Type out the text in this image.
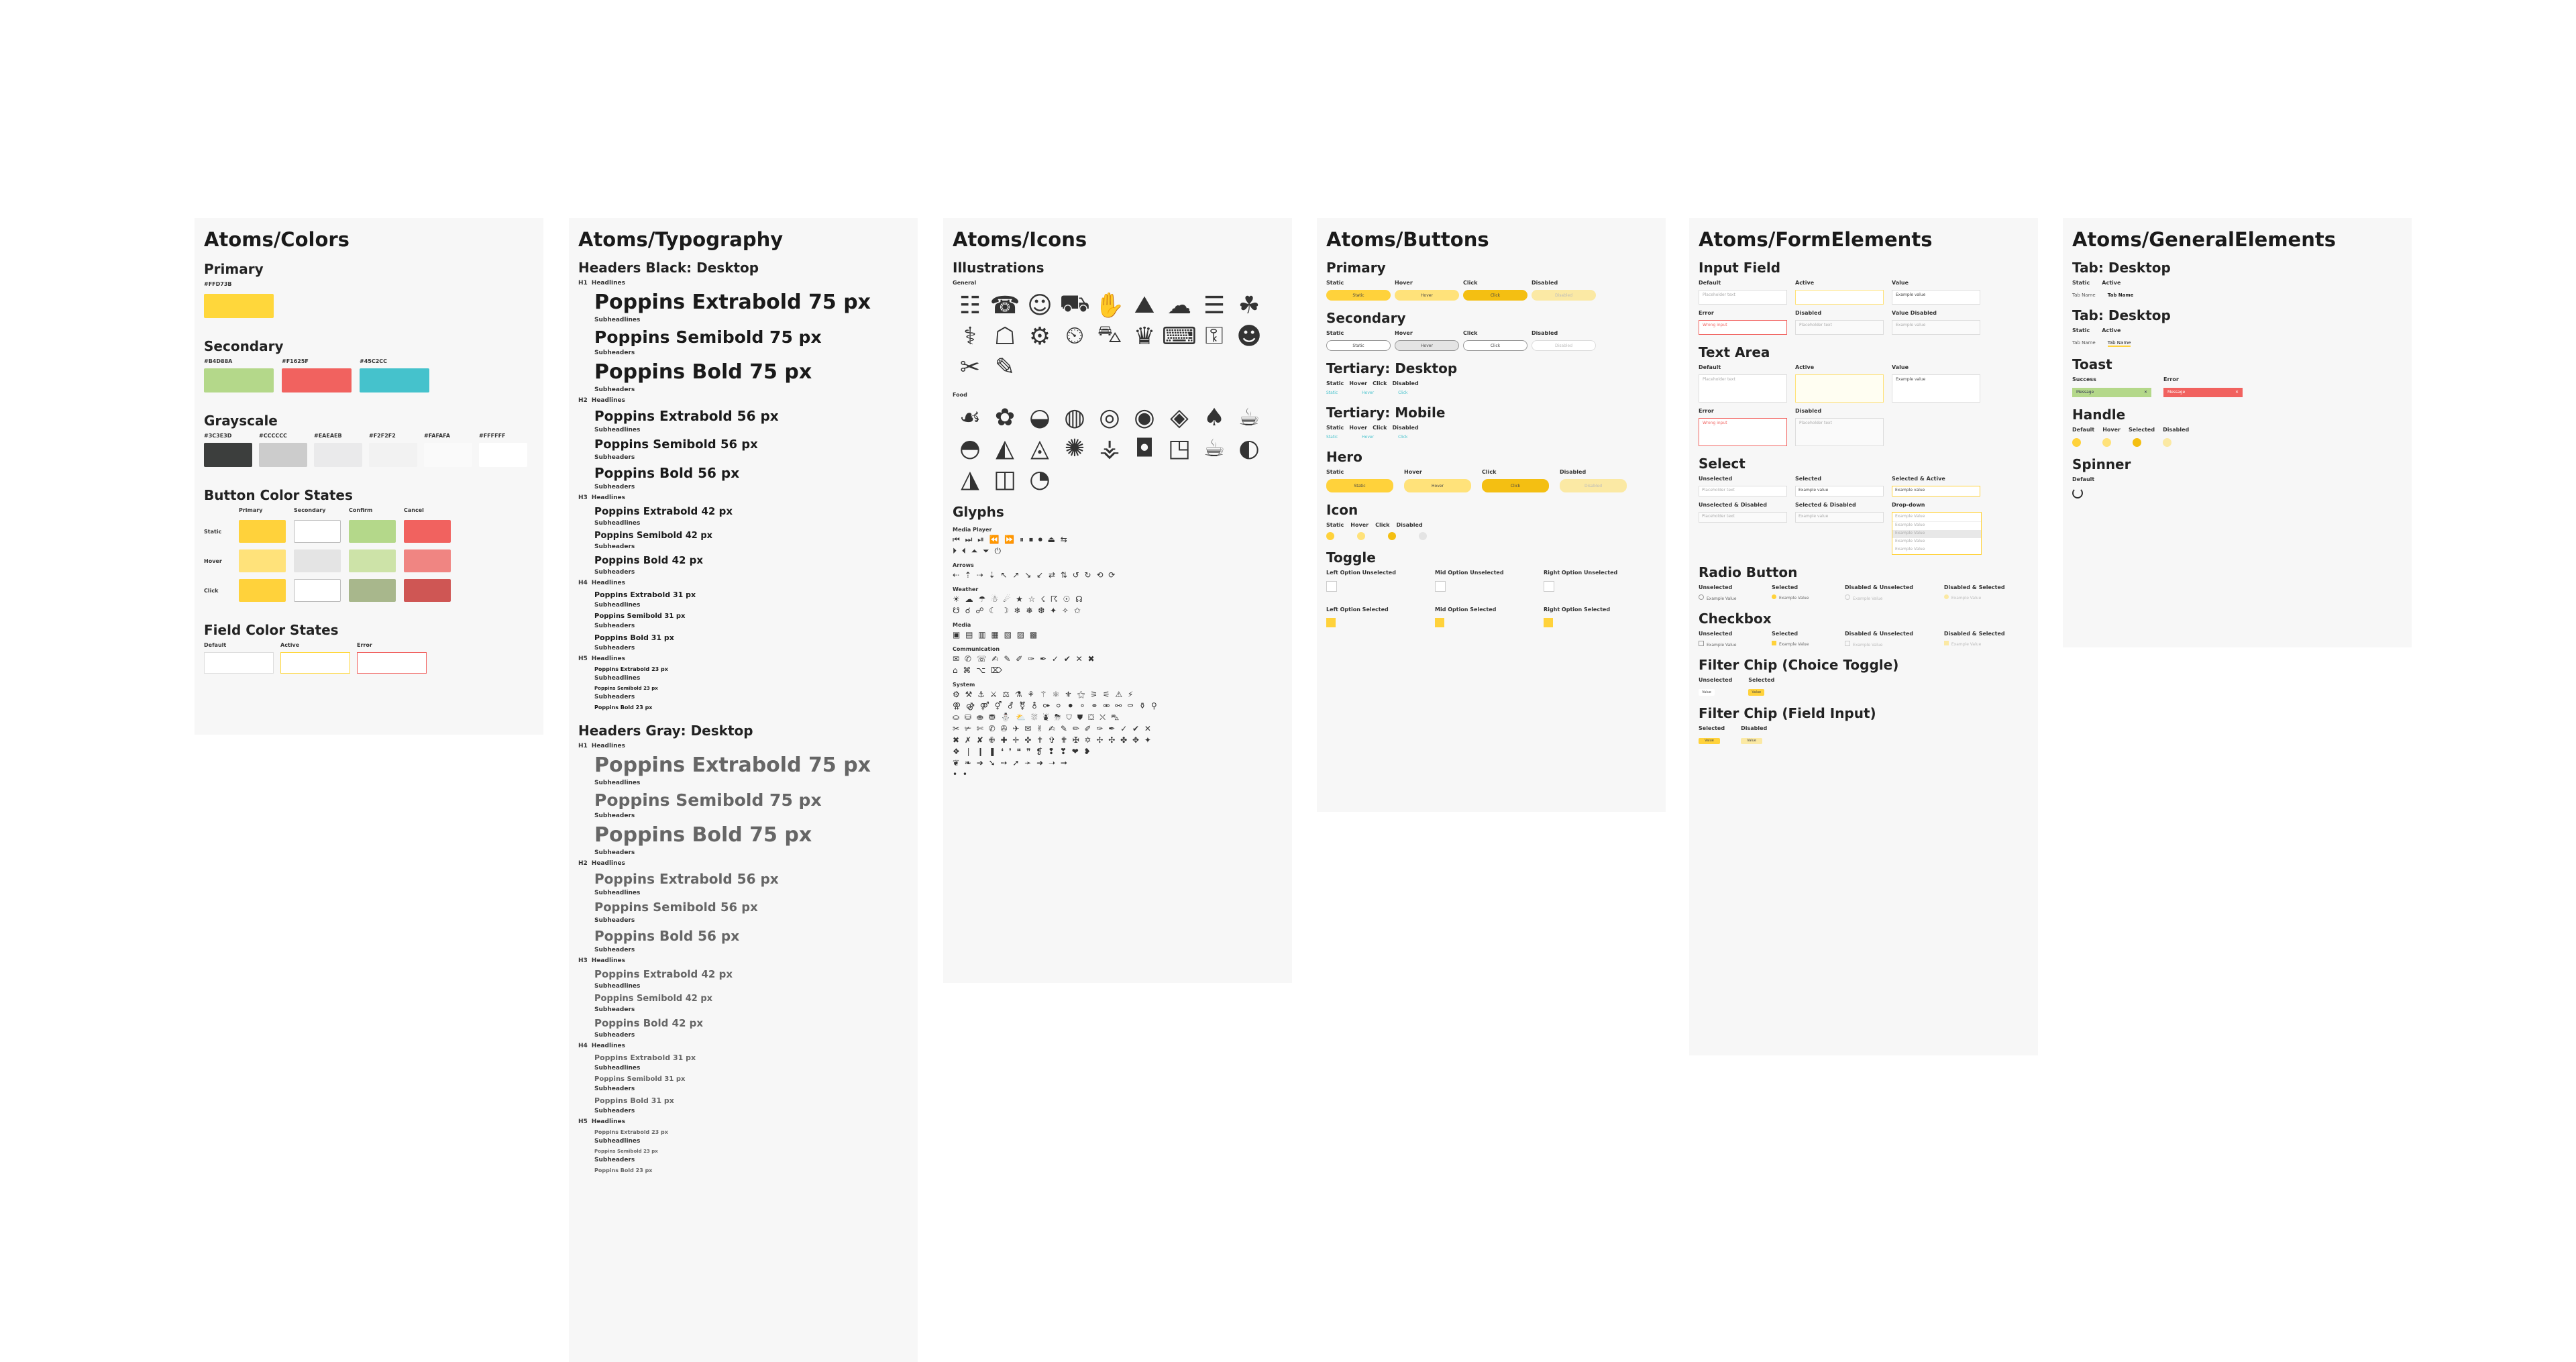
Atoms/Colors
Primary
#FFD73B
Secondary
#B4D88A	#F1625F	#45C2CC
Grayscale
#3C3E3D	#CCCCCC	#EAEAEB	#F2F2F2	#FAFAFA	#FFFFFF
Button Color States
Primary	Secondary	Confirm	Cancel
Static
Hover
Click
Field Color States
Default	Active	Error
Atoms/Typography
Headers Black: Desktop
H1 Headlines
Poppins Extrabold 75 px
Subheadlines
Poppins Semibold 75 px
Subheaders
Poppins Bold 75 px
Subheaders
H2 Headlines
Poppins Extrabold 56 px
Subheadlines
Poppins Semibold 56 px
Subheaders
Poppins Bold 56 px
Subheaders
H3 Headlines
Poppins Extrabold 42 px
Subheadlines
Poppins Semibold 42 px
Subheaders
Poppins Bold 42 px
Subheaders
H4 Headlines
Poppins Extrabold 31 px
Subheadlines
Poppins Semibold 31 px
Subheaders
Poppins Bold 31 px
Subheaders
H5 Headlines
Poppins Extrabold 23 px
Subheadlines
Poppins Semibold 23 px
Subheaders
Poppins Bold 23 px
Headers Gray: Desktop
H1 Headlines
Poppins Extrabold 75 px
Subheadlines
Poppins Semibold 75 px
Subheaders
Poppins Bold 75 px
Subheaders
H2 Headlines
Poppins Extrabold 56 px
Subheadlines
Poppins Semibold 56 px
Subheaders
Poppins Bold 56 px
Subheaders
H3 Headlines
Poppins Extrabold 42 px
Subheadlines
Poppins Semibold 42 px
Subheaders
Poppins Bold 42 px
Subheaders
H4 Headlines
Poppins Extrabold 31 px
Subheadlines
Poppins Semibold 31 px
Subheaders
Poppins Bold 31 px
Subheaders
H5 Headlines
Poppins Extrabold 23 px
Subheadlines
Poppins Semibold 23 px
Subheaders
Poppins Bold 23 px
Atoms/Icons
Illustrations
General
☷ ☎ ☺ ⛟ ✋ ⛰ ☁ ☰ ☘
⚕ ☖ ⚙ ⏲ ⛍ ♛ ⌨ ⚿ ☻
✂ ✎
Food
☙ ✿ ◒ ◍ ◎ ◉ ◈ ♠ ☕
◓ ◭ ◬ ✺ ⚶ ◘ ◳ ☕ ◐
◮ ◫ ◔
Glyphs
Media Player
⏮ ⏭ ⏯ ⏪ ⏩ ⏸ ⏹ ⏺ ⏏ ⇆
⏵ ⏴ ⏶ ⏷ ⏻
Arrows
⇠ ⇡ ⇢ ⇣ ↖ ↗ ↘ ↙ ⇄ ⇅ ↺ ↻ ⟲ ⟳
Weather
☀ ☁ ☂ ☃ ☄ ★ ☆ ☇ ☈ ☉ ☊
☋ ☌ ☍ ☾ ☽ ❄ ❅ ❆ ✦ ✧ ✩
Media
▣ ▤ ▥ ▦ ▧ ▨ ▩
Communication
✉ ✆ ☏ ✍ ✎ ✐ ✑ ✒ ✓ ✔ ✕ ✖
⌂ ⌘ ⌥ ⌦
System
⚙ ⚒ ⚓ ⚔ ⚖ ⚗ ⚘ ⚚ ⚛ ⚜ ⚝ ⚞ ⚟ ⚠ ⚡
⚢ ⚣ ⚤ ⚥ ⚦ ⚧ ⚨ ⚩ ⚪ ⚫ ⚬ ⚭ ⚮ ⚯ ⚰ ⚱ ⚲
⛀ ⛁ ⛂ ⛃ ⛄ ⛅ ⛆ ⛇ ⛈ ⛉ ⛊ ⛋ ⛌ ⛍
✂ ✃ ✄ ✆ ✇ ✈ ✉ ✌ ✍ ✎ ✏ ✐ ✑ ✒ ✓ ✔ ✕
✖ ✗ ✘ ✙ ✚ ✛ ✜ ✝ ✞ ✟ ✠ ✡ ✢ ✣ ✤ ✥ ✦
❖ ❘ ❙ ❚ ❛ ❜ ❝ ❞ ❡ ❢ ❣ ❤ ❥
❦ ❧ ➔ ➘ ➙ ➚ ➛ ➜ ➝ ➞
• •
Atoms/Buttons
Primary
Static	Hover	Click	Disabled
Static	Hover	Click	Disabled
Secondary
Static	Hover	Click	Disabled
Static	Hover	Click	Disabled
Tertiary: Desktop
Static Hover Click Disabled
Static	Hover	Click
Tertiary: Mobile
Static Hover Click Disabled
Static	Hover	Click
Hero
Static	Hover	Click	Disabled
Static	Hover	Click	Disabled
Icon
Static Hover Click Disabled
Toggle
Left Option Unselected	Mid Option Unselected	Right Option Unselected
Left Option Selected	Mid Option Selected	Right Option Selected
Atoms/FormElements
Input Field
Default
Placeholder text
Active	Value
Example value
Error
Wrong input
Disabled
Placeholder text
Value Disabled
Example value
Text Area
Default
Placeholder text
Active	Value
Example value
Error
Wrong input
Disabled
Placeholder text
Select
Unselected
Placeholder text
Selected
Example value
Selected & Active
Example value
Unselected & Disabled
Placeholder text
Selected & Disabled
Example value
Drop-down
Example Value
Example Value
Example Value
Example Value
Example Value
Radio Button
Unselected
Example Value
Selected
Example Value
Disabled & Unselected
Example Value
Disabled & Selected
Example Value
Checkbox
Unselected
Example Value
Selected
Example Value
Disabled & Unselected
Example Value
Disabled & Selected
Example Value
Filter Chip (Choice Toggle)
Unselected
Value
Selected
Value
Filter Chip (Field Input)
Selected
Value
Disabled
Value
Atoms/GeneralElements
Tab: Desktop
Static Active
Tab Name	Tab Name
Tab: Desktop
Static Active
Tab Name	Tab Name
Toast
Success	Error
Message	✕	Message	✕
Handle
Default Hover Selected Disabled
Spinner
Default
